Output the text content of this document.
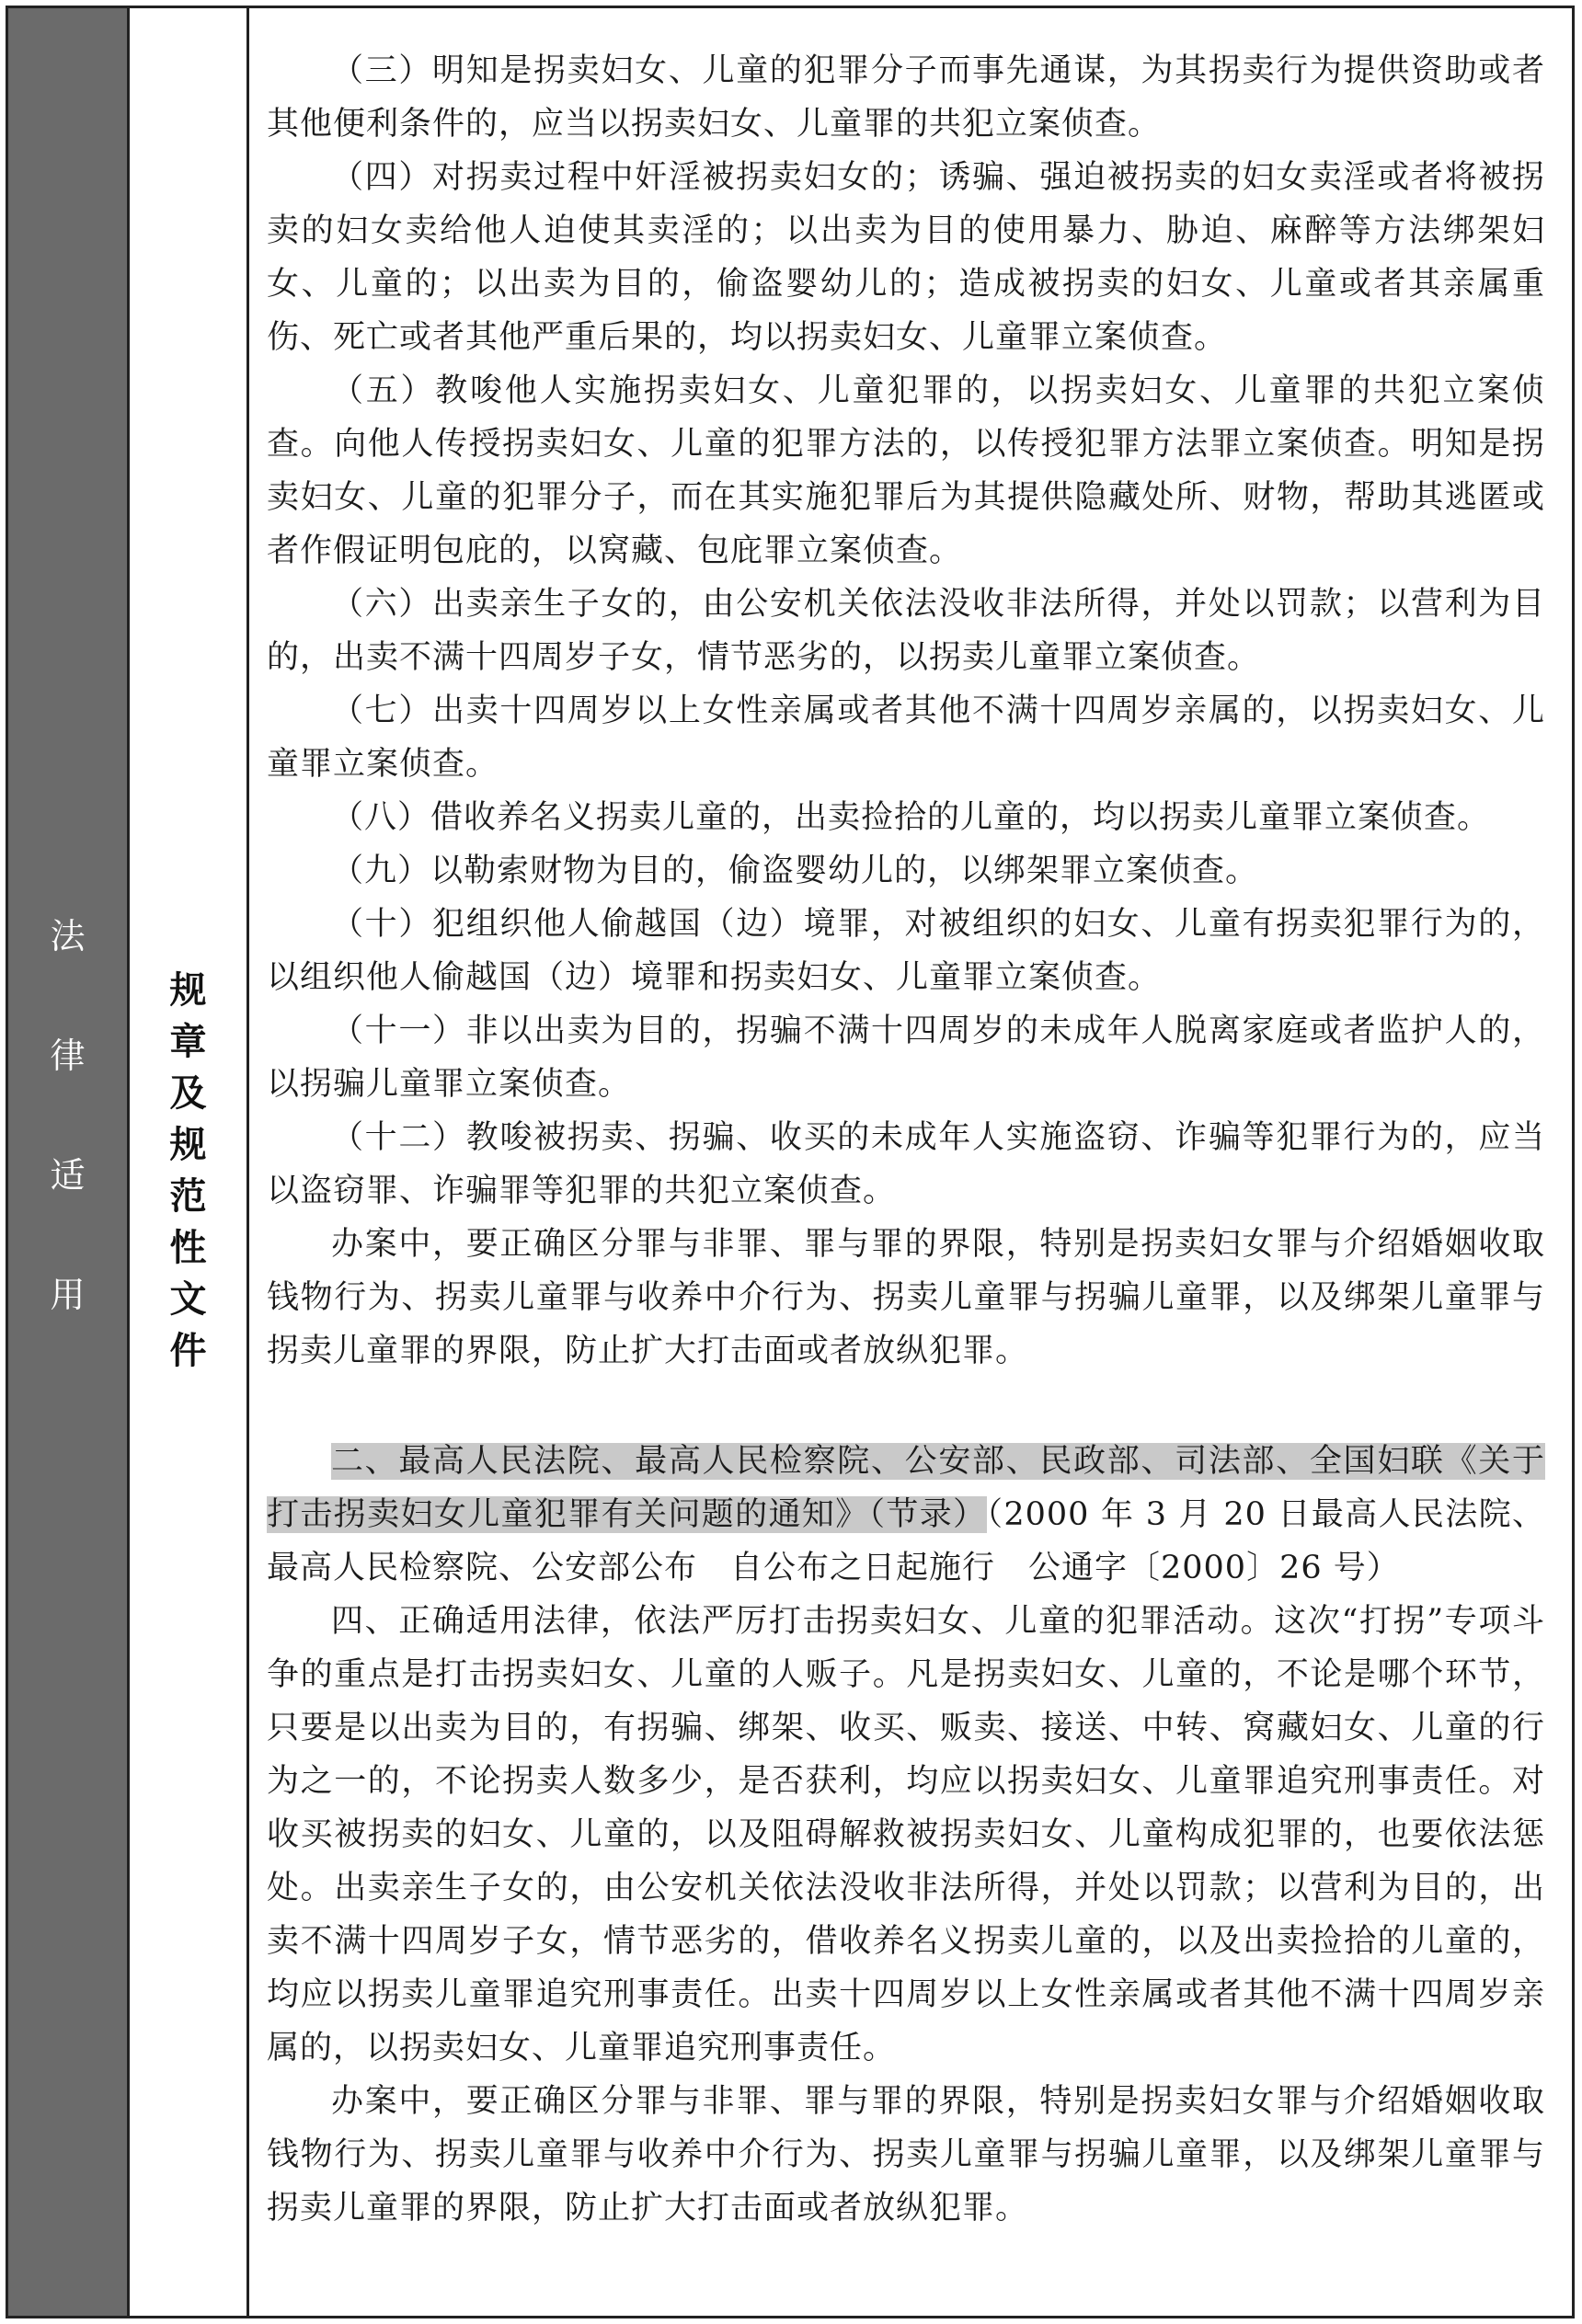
法
律
适
用
规
章
及
规
范
性
文
件

（三）明知是拐卖妇女、儿童的犯罪分子而事先通谋，为其拐卖行为提供资助或者其他便利条件的，应当以拐卖妇女、儿童罪的共犯立案侦查。

（四）对拐卖过程中奸淫被拐卖妇女的；诱骗、强迫被拐卖的妇女卖淫或者将被拐卖的妇女卖给他人迫使其卖淫的；以出卖为目的使用暴力、胁迫、麻醉等方法绑架妇女、儿童的；以出卖为目的，偷盗婴幼儿的；造成被拐卖的妇女、儿童或者其亲属重伤、死亡或者其他严重后果的，均以拐卖妇女、儿童罪立案侦查。

（五）教唆他人实施拐卖妇女、儿童犯罪的，以拐卖妇女、儿童罪的共犯立案侦查。向他人传授拐卖妇女、儿童的犯罪方法的，以传授犯罪方法罪立案侦查。明知是拐卖妇女、儿童的犯罪分子，而在其实施犯罪后为其提供隐藏处所、财物，帮助其逃匿或者作假证明包庇的，以窝藏、包庇罪立案侦查。

（六）出卖亲生子女的，由公安机关依法没收非法所得，并处以罚款；以营利为目的，出卖不满十四周岁子女，情节恶劣的，以拐卖儿童罪立案侦查。

（七）出卖十四周岁以上女性亲属或者其他不满十四周岁亲属的，以拐卖妇女、儿童罪立案侦查。

（八）借收养名义拐卖儿童的，出卖捡拾的儿童的，均以拐卖儿童罪立案侦查。

（九）以勒索财物为目的，偷盗婴幼儿的，以绑架罪立案侦查。

（十）犯组织他人偷越国（边）境罪，对被组织的妇女、儿童有拐卖犯罪行为的，以组织他人偷越国（边）境罪和拐卖妇女、儿童罪立案侦查。

（十一）非以出卖为目的，拐骗不满十四周岁的未成年人脱离家庭或者监护人的，以拐骗儿童罪立案侦查。

（十二）教唆被拐卖、拐骗、收买的未成年人实施盗窃、诈骗等犯罪行为的，应当以盗窃罪、诈骗罪等犯罪的共犯立案侦查。

办案中，要正确区分罪与非罪、罪与罪的界限，特别是拐卖妇女罪与介绍婚姻收取钱物行为、拐卖儿童罪与收养中介行为、拐卖儿童罪与拐骗儿童罪，以及绑架儿童罪与拐卖儿童罪的界限，防止扩大打击面或者放纵犯罪。

二、最高人民法院、最高人民检察院、公安部、民政部、司法部、全国妇联《关于打击拐卖妇女儿童犯罪有关问题的通知》（节录）（2000 年 3 月 20 日最高人民法院、最高人民检察院、公安部公布　自公布之日起施行　公通字〔2000〕26 号）

四、正确适用法律，依法严厉打击拐卖妇女、儿童的犯罪活动。这次“打拐”专项斗争的重点是打击拐卖妇女、儿童的人贩子。凡是拐卖妇女、儿童的，不论是哪个环节，只要是以出卖为目的，有拐骗、绑架、收买、贩卖、接送、中转、窝藏妇女、儿童的行为之一的，不论拐卖人数多少，是否获利，均应以拐卖妇女、儿童罪追究刑事责任。对收买被拐卖的妇女、儿童的，以及阻碍解救被拐卖妇女、儿童构成犯罪的，也要依法惩处。出卖亲生子女的，由公安机关依法没收非法所得，并处以罚款；以营利为目的，出卖不满十四周岁子女，情节恶劣的，借收养名义拐卖儿童的，以及出卖捡拾的儿童的，均应以拐卖儿童罪追究刑事责任。出卖十四周岁以上女性亲属或者其他不满十四周岁亲属的，以拐卖妇女、儿童罪追究刑事责任。

办案中，要正确区分罪与非罪、罪与罪的界限，特别是拐卖妇女罪与介绍婚姻收取钱物行为、拐卖儿童罪与收养中介行为、拐卖儿童罪与拐骗儿童罪，以及绑架儿童罪与拐卖儿童罪的界限，防止扩大打击面或者放纵犯罪。
